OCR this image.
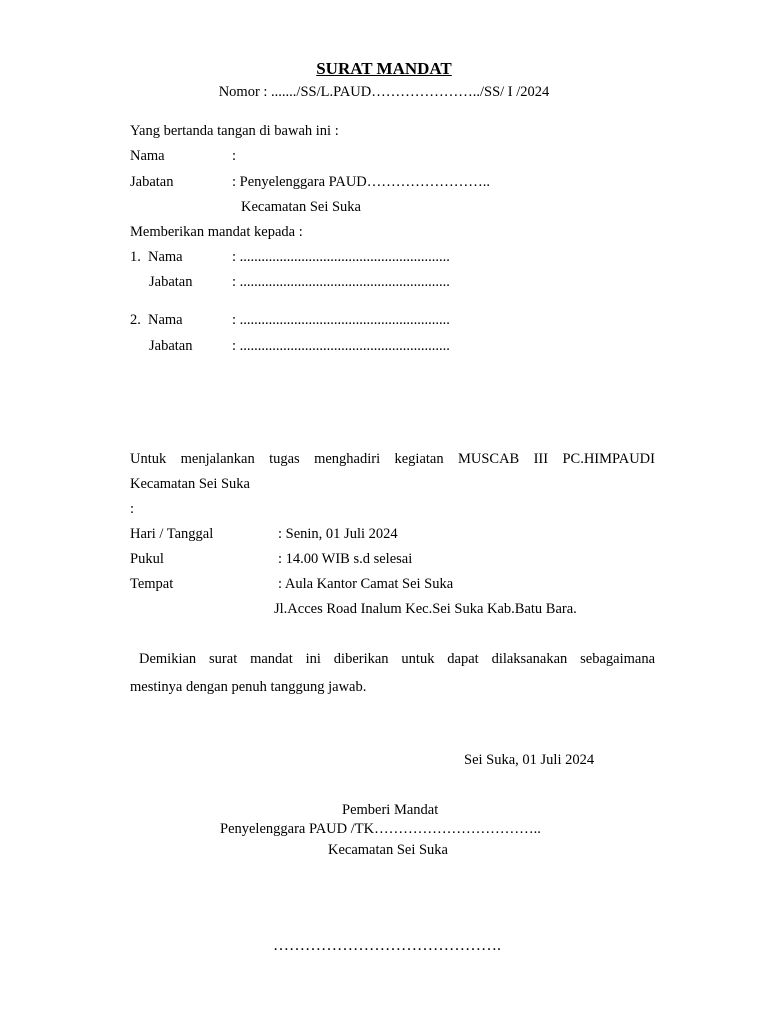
SURAT MANDAT
Nomor : ......./SS/L.PAUD…………………../SS/ I /2024
Yang bertanda tangan di bawah ini :
Nama	:
Jabatan	: Penyelenggara PAUD……………………..
Kecamatan Sei Suka
Memberikan mandat kepada :
1. Nama	: ..........................................................
Jabatan	: ..........................................................
2. Nama	: ..........................................................
Jabatan	: ..........................................................
Untuk menjalankan tugas menghadiri kegiatan MUSCAB III PC.HIMPAUDI
Kecamatan Sei Suka
:
Hari / Tanggal	: Senin, 01 Juli 2024
Pukul	: 14.00 WIB s.d selesai
Tempat	: Aula Kantor Camat Sei Suka
Jl.Acces Road Inalum Kec.Sei Suka Kab.Batu Bara.
Demikian surat mandat ini diberikan untuk dapat dilaksanakan sebagaimana
mestinya dengan penuh tanggung jawab.
Sei Suka, 01 Juli 2024
Pemberi Mandat
Penyelenggara PAUD /TK……………………………..
Kecamatan Sei Suka
…………………………………….
